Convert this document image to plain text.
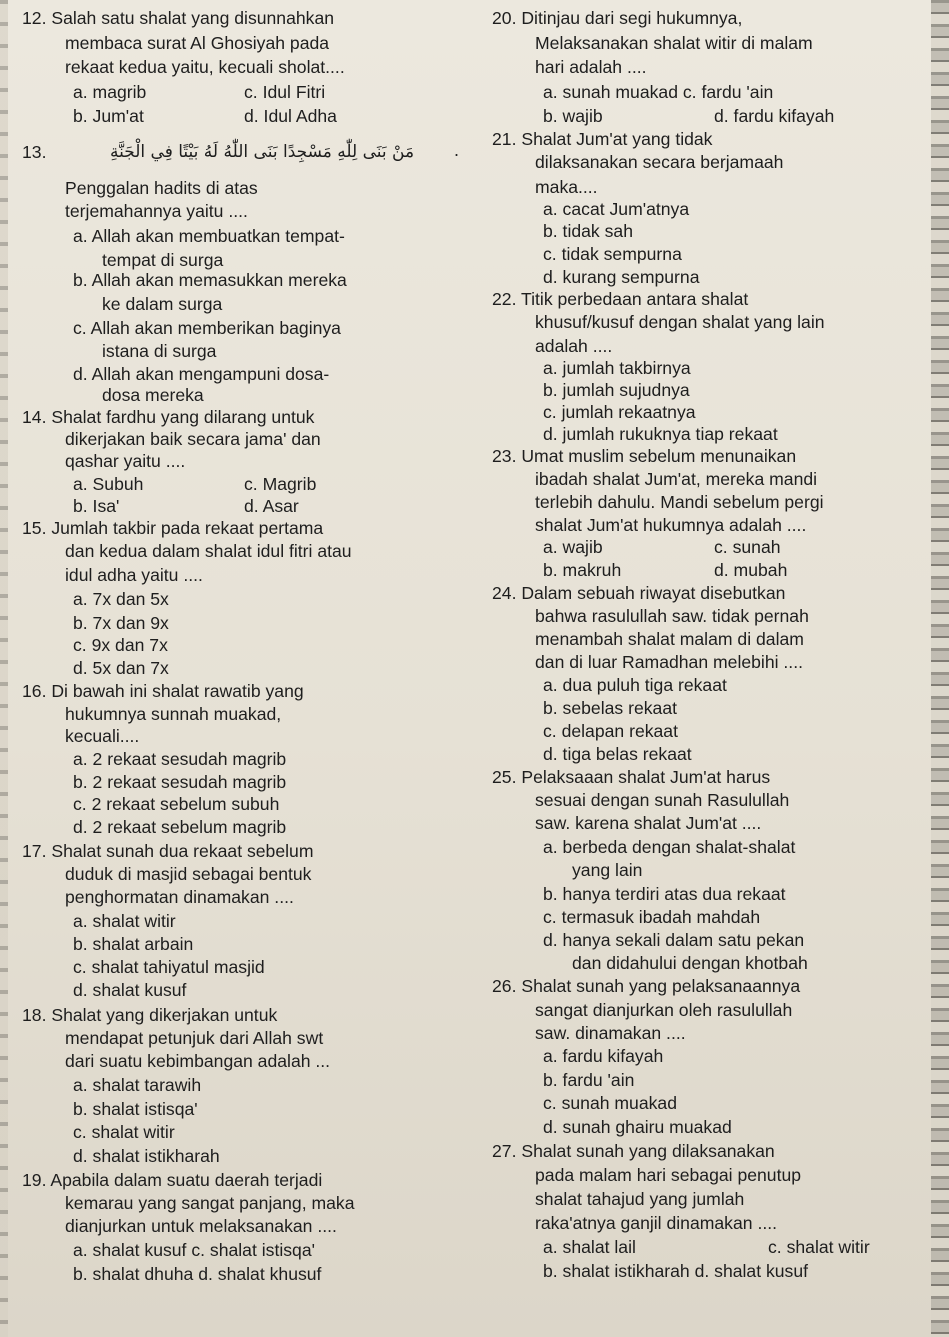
12. Salah satu shalat yang disunnahkan
membaca surat Al Ghosiyah pada
rekaat kedua yaitu, kecuali sholat....
a. magrib	c. Idul Fitri
b. Jum'at	d. Idul Adha
13.
Penggalan hadits di atas
terjemahannya yaitu ....
a. Allah akan membuatkan tempat-
tempat di surga
b. Allah akan memasukkan mereka
ke dalam surga
c. Allah akan memberikan baginya
istana di surga
d. Allah akan mengampuni dosa-
dosa mereka
14. Shalat fardhu yang dilarang untuk
dikerjakan baik secara jama' dan
qashar yaitu ....
a. Subuh	c. Magrib
b. Isa'	d. Asar
15. Jumlah takbir pada rekaat pertama
dan kedua dalam shalat idul fitri atau
idul adha yaitu ....
a. 7x dan 5x
b. 7x dan 9x
c. 9x dan 7x
d. 5x dan 7x
16. Di bawah ini shalat rawatib yang
hukumnya sunnah muakad,
kecuali....
a. 2 rekaat sesudah magrib
b. 2 rekaat sesudah magrib
c. 2 rekaat sebelum subuh
d. 2 rekaat sebelum magrib
17. Shalat sunah dua rekaat sebelum
duduk di masjid sebagai bentuk
penghormatan dinamakan ....
a. shalat witir
b. shalat arbain
c. shalat tahiyatul masjid
d. shalat kusuf
18. Shalat yang dikerjakan untuk
mendapat petunjuk dari Allah swt
dari suatu kebimbangan adalah ...
a. shalat tarawih
b. shalat istisqa'
c. shalat witir
d. shalat istikharah
19. Apabila dalam suatu daerah terjadi
kemarau yang sangat panjang, maka
dianjurkan untuk melaksanakan ....
a. shalat kusuf c. shalat istisqa'
b. shalat dhuha d. shalat khusuf
20. Ditinjau dari segi hukumnya,
Melaksanakan shalat witir di malam
hari adalah ....
a. sunah muakad c. fardu 'ain
b. wajib	d. fardu kifayah
21. Shalat Jum'at yang tidak
dilaksanakan secara berjamaah
maka....
a. cacat Jum'atnya
b. tidak sah
c. tidak sempurna
d. kurang sempurna
22. Titik perbedaan antara shalat
khusuf/kusuf dengan shalat yang lain
adalah ....
a. jumlah takbirnya
b. jumlah sujudnya
c. jumlah rekaatnya
d. jumlah rukuknya tiap rekaat
23. Umat muslim sebelum menunaikan
ibadah shalat Jum'at, mereka mandi
terlebih dahulu. Mandi sebelum pergi
shalat Jum'at hukumnya adalah ....
a. wajib	c. sunah
b. makruh	d. mubah
24. Dalam sebuah riwayat disebutkan
bahwa rasulullah saw. tidak pernah
menambah shalat malam di dalam
dan di luar Ramadhan melebihi ....
a. dua puluh tiga rekaat
b. sebelas rekaat
c. delapan rekaat
d. tiga belas rekaat
25. Pelaksaaan shalat Jum'at harus
sesuai dengan sunah Rasulullah
saw. karena shalat Jum'at ....
a. berbeda dengan shalat-shalat
yang lain
b. hanya terdiri atas dua rekaat
c. termasuk ibadah mahdah
d. hanya sekali dalam satu pekan
dan didahului dengan khotbah
26. Shalat sunah yang pelaksanaannya
sangat dianjurkan oleh rasulullah
saw. dinamakan ....
a. fardu kifayah
b. fardu 'ain
c. sunah muakad
d. sunah ghairu muakad
27. Shalat sunah yang dilaksanakan
pada malam hari sebagai penutup
shalat tahajud yang jumlah
raka'atnya ganjil dinamakan ....
a. shalat lail	c. shalat witir
b. shalat istikharah d. shalat kusuf
مَنْ بَنَى لِلّٰهِ مَسْجِدًا بَنَى اللّٰهُ لَهُ بَيْتًا فِي الْجَنَّةِ .
